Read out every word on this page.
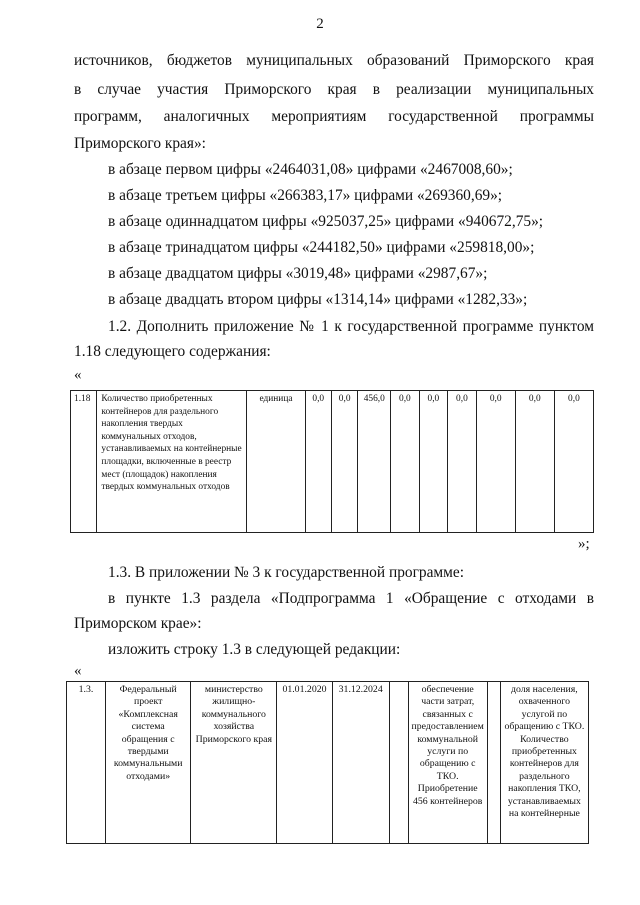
2
источников, бюджетов муниципальных образований Приморского края
в случае участия Приморского края в реализации муниципальных
программ, аналогичных мероприятиям государственной программы
Приморского края»:
в абзаце первом цифры «2464031,08» цифрами «2467008,60»;
в абзаце третьем цифры «266383,17» цифрами «269360,69»;
в абзаце одиннадцатом цифры «925037,25» цифрами «940672,75»;
в абзаце тринадцатом цифры «244182,50» цифрами «259818,00»;
в абзаце двадцатом цифры «3019,48» цифрами «2987,67»;
в абзаце двадцать втором цифры «1314,14» цифрами «1282,33»;
1.2. Дополнить приложение № 1 к государственной программе пунктом
1.18 следующего содержания:
«
1.18	Количество приобретенных контейнеров для раздельного накопления твердых коммунальных отходов, устанавливаемых на контейнерные площадки, включенные в реестр мест (площадок) накопления твердых коммунальных отходов	единица	0,0	0,0	456,0	0,0	0,0	0,0	0,0	0,0	0,0
»;
1.3. В приложении № 3 к государственной программе:
в пункте 1.3 раздела «Подпрограмма 1 «Обращение с отходами в
Приморском крае»:
изложить строку 1.3 в следующей редакции:
«
1.3.	Федеральный проект «Комплексная система обращения с твердыми коммунальными отходами»	министерство жилищно-коммунального хозяйства Приморского края	01.01.2020	31.12.2024		обеспечение части затрат, связанных с предоставлением коммунальной услуги по обращению с ТКО. Приобретение 456 контейнеров		доля населения, охваченного услугой по обращению с ТКО. Количество приобретенных контейнеров для раздельного накопления ТКО, устанавливаемых на контейнерные
